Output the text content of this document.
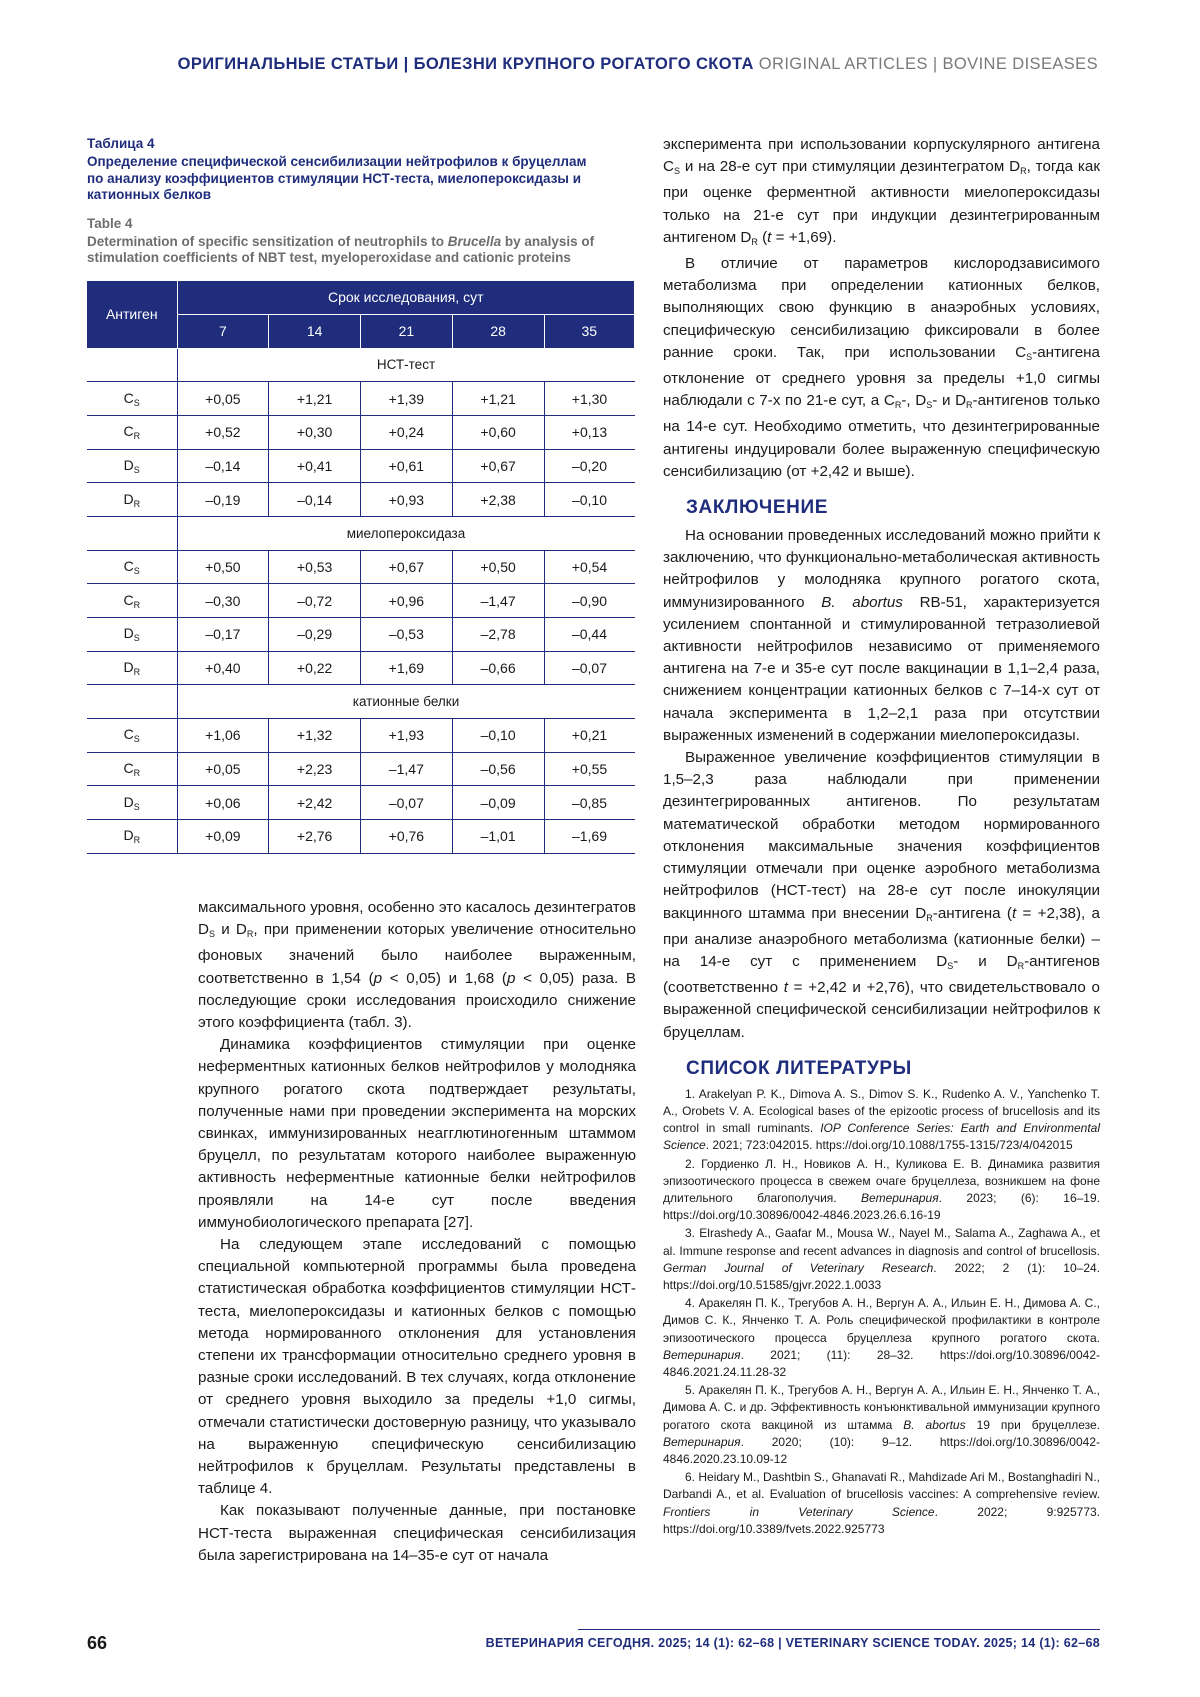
ОРИГИНАЛЬНЫЕ СТАТЬИ | БОЛЕЗНИ КРУПНОГО РОГАТОГО СКОТА ORIGINAL ARTICLES | BOVINE DISEASES
Таблица 4
Определение специфической сенсибилизации нейтрофилов к бруцеллам по анализу коэффициентов стимуляции НСТ-теста, миелопероксидазы и катионных белков
Table 4
Determination of specific sensitization of neutrophils to Brucella by analysis of stimulation coefficients of NBT test, myeloperoxidase and cationic proteins
Антиген	Срок исследования, сут
7	14	21	28	35
	НСТ-тест
CS	+0,05	+1,21	+1,39	+1,21	+1,30
CR	+0,52	+0,30	+0,24	+0,60	+0,13
DS	–0,14	+0,41	+0,61	+0,67	–0,20
DR	–0,19	–0,14	+0,93	+2,38	–0,10
	миелопероксидаза
CS	+0,50	+0,53	+0,67	+0,50	+0,54
CR	–0,30	–0,72	+0,96	–1,47	–0,90
DS	–0,17	–0,29	–0,53	–2,78	–0,44
DR	+0,40	+0,22	+1,69	–0,66	–0,07
	катионные белки
CS	+1,06	+1,32	+1,93	–0,10	+0,21
CR	+0,05	+2,23	–1,47	–0,56	+0,55
DS	+0,06	+2,42	–0,07	–0,09	–0,85
DR	+0,09	+2,76	+0,76	–1,01	–1,69

максимального уровня, особенно это касалось дезинтегратов DS и DR, при применении которых увеличение относительно фоновых значений было наиболее выраженным, соответственно в 1,54 (p < 0,05) и 1,68 (p < 0,05) раза. В последующие сроки исследования происходило снижение этого коэффициента (табл. 3).

Динамика коэффициентов стимуляции при оценке неферментных катионных белков нейтрофилов у молодняка крупного рогатого скота подтверждает результаты, полученные нами при проведении эксперимента на морских свинках, иммунизированных неагглютиногенным штаммом бруцелл, по результатам которого наиболее выраженную активность неферментные катионные белки нейтрофилов проявляли на 14-е сут после введения иммунобиологического препарата [27].

На следующем этапе исследований с помощью специальной компьютерной программы была проведена статистическая обработка коэффициентов стимуляции НСТ-теста, миелопероксидазы и катионных белков с помощью метода нормированного отклонения для установления степени их трансформации относительно среднего уровня в разные сроки исследований. В тех случаях, когда отклонение от среднего уровня выходило за пределы +1,0 сигмы, отмечали статистически достоверную разницу, что указывало на выраженную специфическую сенсибилизацию нейтрофилов к бруцеллам. Результаты представлены в таблице 4.

Как показывают полученные данные, при постановке НСТ-теста выраженная специфическая сенсибилизация была зарегистрирована на 14–35-е сут от начала

эксперимента при использовании корпускулярного антигена CS и на 28-е сут при стимуляции дезинтегратом DR, тогда как при оценке ферментной активности миелопероксидазы только на 21-е сут при индукции дезинтегрированным антигеном DR (t = +1,69).

В отличие от параметров кислородзависимого метаболизма при определении катионных белков, выполняющих свою функцию в анаэробных условиях, специфическую сенсибилизацию фиксировали в более ранние сроки. Так, при использовании CS-антигена отклонение от среднего уровня за пределы +1,0 сигмы наблюдали с 7-х по 21-е сут, а CR-, DS- и DR-антигенов только на 14-е сут. Необходимо отметить, что дезинтегрированные антигены индуцировали более выраженную специфическую сенсибилизацию (от +2,42 и выше).

ЗАКЛЮЧЕНИЕ

На основании проведенных исследований можно прийти к заключению, что функционально-метаболическая активность нейтрофилов у молодняка крупного рогатого скота, иммунизированного B. abortus RB-51, характеризуется усилением спонтанной и стимулированной тетразолиевой активности нейтрофилов независимо от применяемого антигена на 7-е и 35-е сут после вакцинации в 1,1–2,4 раза, снижением концентрации катионных белков с 7–14-х сут от начала эксперимента в 1,2–2,1 раза при отсутствии выраженных изменений в содержании миелопероксидазы.

Выраженное увеличение коэффициентов стимуляции в 1,5–2,3 раза наблюдали при применении дезинтегрированных антигенов. По результатам математической обработки методом нормированного отклонения максимальные значения коэффициентов стимуляции отмечали при оценке аэробного метаболизма нейтрофилов (НСТ-тест) на 28-е сут после инокуляции вакцинного штамма при внесении DR-антигена (t = +2,38), а при анализе анаэробного метаболизма (катионные белки) – на 14-е сут с применением DS- и DR-антигенов (соответственно t = +2,42 и +2,76), что свидетельствовало о выраженной специфической сенсибилизации нейтрофилов к бруцеллам.

СПИСОК ЛИТЕРАТУРЫ

1. Arakelyan P. K., Dimova A. S., Dimov S. K., Rudenko A. V., Yanchenko T. A., Orobets V. A. Ecological bases of the epizootic process of brucellosis and its control in small ruminants. IOP Conference Series: Earth and Environmental Science. 2021; 723:042015. https://doi.org/10.1088/1755-1315/723/4/042015

2. Гордиенко Л. Н., Новиков А. Н., Куликова Е. В. Динамика развития эпизоотического процесса в свежем очаге бруцеллеза, возникшем на фоне длительного благополучия. Ветеринария. 2023; (6): 16–19. https://doi.org/10.30896/0042-4846.2023.26.6.16-19

3. Elrashedy A., Gaafar M., Mousa W., Nayel M., Salama A., Zaghawa A., et al. Immune response and recent advances in diagnosis and control of brucellosis. German Journal of Veterinary Research. 2022; 2 (1): 10–24. https://doi.org/10.51585/gjvr.2022.1.0033

4. Аракелян П. К., Трегубов А. Н., Вергун А. А., Ильин Е. Н., Димова А. С., Димов С. К., Янченко Т. А. Роль специфической профилактики в контроле эпизоотического процесса бруцеллеза крупного рогатого скота. Ветеринария. 2021; (11): 28–32. https://doi.org/10.30896/0042-4846.2021.24.11.28-32

5. Аракелян П. К., Трегубов А. Н., Вергун А. А., Ильин Е. Н., Янченко Т. А., Димова А. С. и др. Эффективность конъюнктивальной иммунизации крупного рогатого скота вакциной из штамма B. abortus 19 при бруцеллезе. Ветеринария. 2020; (10): 9–12. https://doi.org/10.30896/0042-4846.2020.23.10.09-12

6. Heidary M., Dashtbin S., Ghanavati R., Mahdizade Ari M., Bostanghadiri N., Darbandi A., et al. Evaluation of brucellosis vaccines: A comprehensive review. Frontiers in Veterinary Science. 2022; 9:925773. https://doi.org/10.3389/fvets.2022.925773

66	ВЕТЕРИНАРИЯ СЕГОДНЯ. 2025; 14 (1): 62–68 | VETERINARY SCIENCE TODAY. 2025; 14 (1): 62–68
